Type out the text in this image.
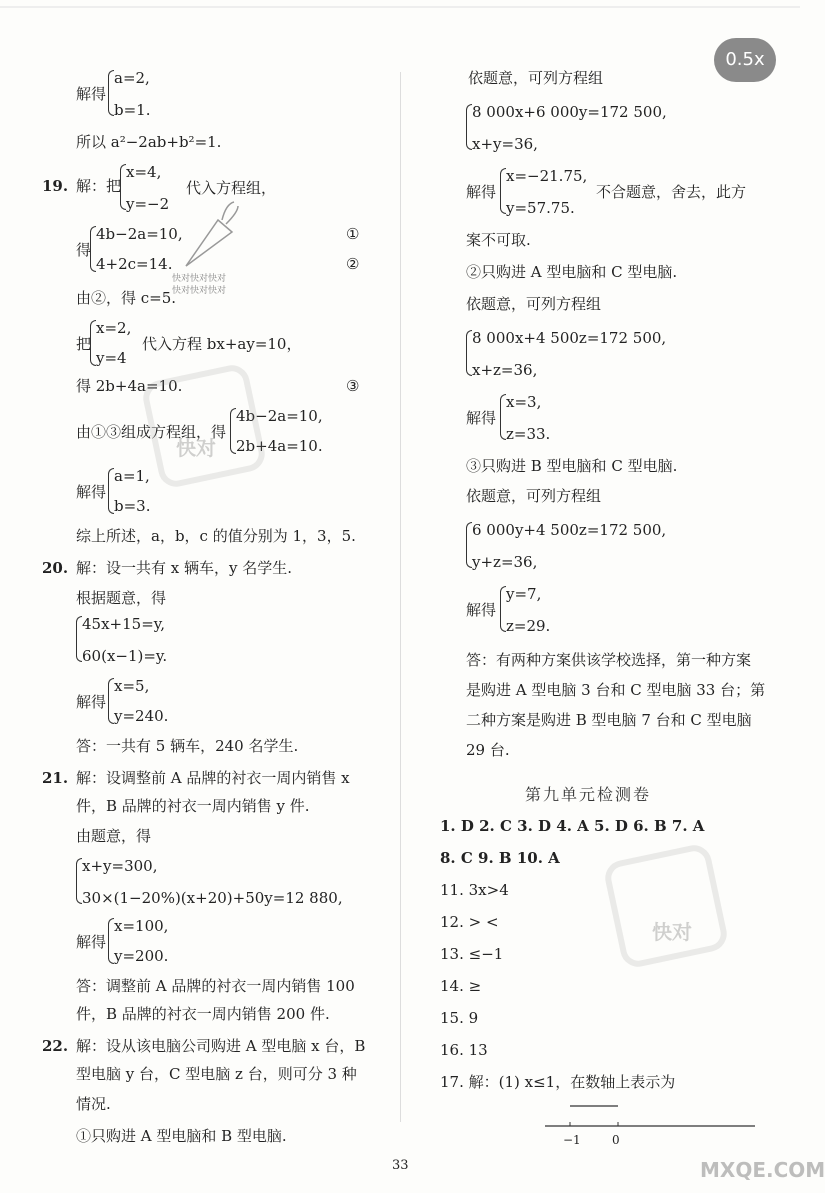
0.5x
a=2,
解得
b=1.
所以 a²−2ab+b²=1.
19. 解：把
x=4,
y=−2
代入方程组，
得
4b−2a=10,
4+2c=14.
①
②
由②，得 c=5.
把
x=2,
y=4
代入方程 bx+ay=10，
得 2b+4a=10.	③
由①③组成方程组，得
4b−2a=10,
2b+4a=10.
解得
a=1,
b=3.
综上所述，a，b，c 的值分别为 1，3，5.
20. 解：设一共有 x 辆车，y 名学生.
根据题意，得
45x+15=y,
60(x−1)=y.
解得
x=5,
y=240.
答：一共有 5 辆车，240 名学生.
21. 解：设调整前 A 品牌的衬衣一周内销售 x
件，B 品牌的衬衣一周内销售 y 件.
由题意，得
x+y=300,
30×(1−20%)(x+20)+50y=12 880,
解得
x=100,
y=200.
答：调整前 A 品牌的衬衣一周内销售 100
件，B 品牌的衬衣一周内销售 200 件.
22. 解：设从该电脑公司购进 A 型电脑 x 台，B
型电脑 y 台，C 型电脑 z 台，则可分 3 种
情况.
①只购进 A 型电脑和 B 型电脑.
依题意，可列方程组
8 000x+6 000y=172 500,
x+y=36,
解得
x=−21.75,
y=57.75.
不合题意，舍去，此方
案不可取.
②只购进 A 型电脑和 C 型电脑.
依题意，可列方程组
8 000x+4 500z=172 500,
x+z=36,
解得
x=3,
z=33.
③只购进 B 型电脑和 C 型电脑.
依题意，可列方程组
6 000y+4 500z=172 500,
y+z=36,
解得
y=7,
z=29.
答：有两种方案供该学校选择，第一种方案
是购进 A 型电脑 3 台和 C 型电脑 33 台；第
二种方案是购进 B 型电脑 7 台和 C 型电脑
29 台.
第九单元检测卷
1. D 2. C 3. D 4. A 5. D 6. B 7. A
8. C 9. B 10. A
11. 3x>4
12. > <
13. ≤−1
14. ≥
15. 9
16. 13
17. 解：(1) x≤1，在数轴上表示为
−1	0
快对
快对
快对快对快对
快对快对快对
MXQE.COM
33
